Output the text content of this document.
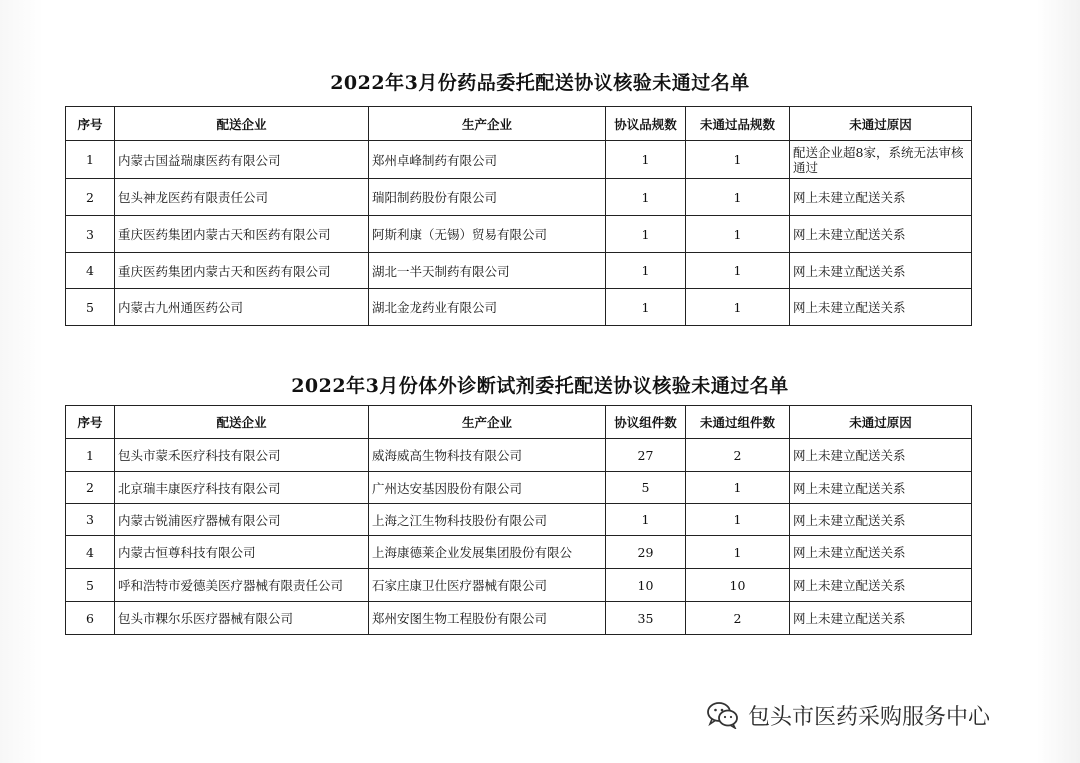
2022年3月份药品委托配送协议核验未通过名单
序号	配送企业	生产企业	协议品规数	未通过品规数	未通过原因
1	内蒙古国益瑞康医药有限公司	郑州卓峰制药有限公司	1	1	配送企业超8家，系统无法审核通过
2	包头神龙医药有限责任公司	瑞阳制药股份有限公司	1	1	网上未建立配送关系
3	重庆医药集团内蒙古天和医药有限公司	阿斯利康（无锡）贸易有限公司	1	1	网上未建立配送关系
4	重庆医药集团内蒙古天和医药有限公司	湖北一半天制药有限公司	1	1	网上未建立配送关系
5	内蒙古九州通医药公司	湖北金龙药业有限公司	1	1	网上未建立配送关系
2022年3月份体外诊断试剂委托配送协议核验未通过名单
序号	配送企业	生产企业	协议组件数	未通过组件数	未通过原因
1	包头市蒙禾医疗科技有限公司	威海威高生物科技有限公司	27	2	网上未建立配送关系
2	北京瑞丰康医疗科技有限公司	广州达安基因股份有限公司	5	1	网上未建立配送关系
3	内蒙古锐浦医疗器械有限公司	上海之江生物科技股份有限公司	1	1	网上未建立配送关系
4	内蒙古恒尊科技有限公司	上海康德莱企业发展集团股份有限公	29	1	网上未建立配送关系
5	呼和浩特市爱德美医疗器械有限责任公司	石家庄康卫仕医疗器械有限公司	10	10	网上未建立配送关系
6	包头市粿尔乐医疗器械有限公司	郑州安图生物工程股份有限公司	35	2	网上未建立配送关系
包头市医药采购服务中心
